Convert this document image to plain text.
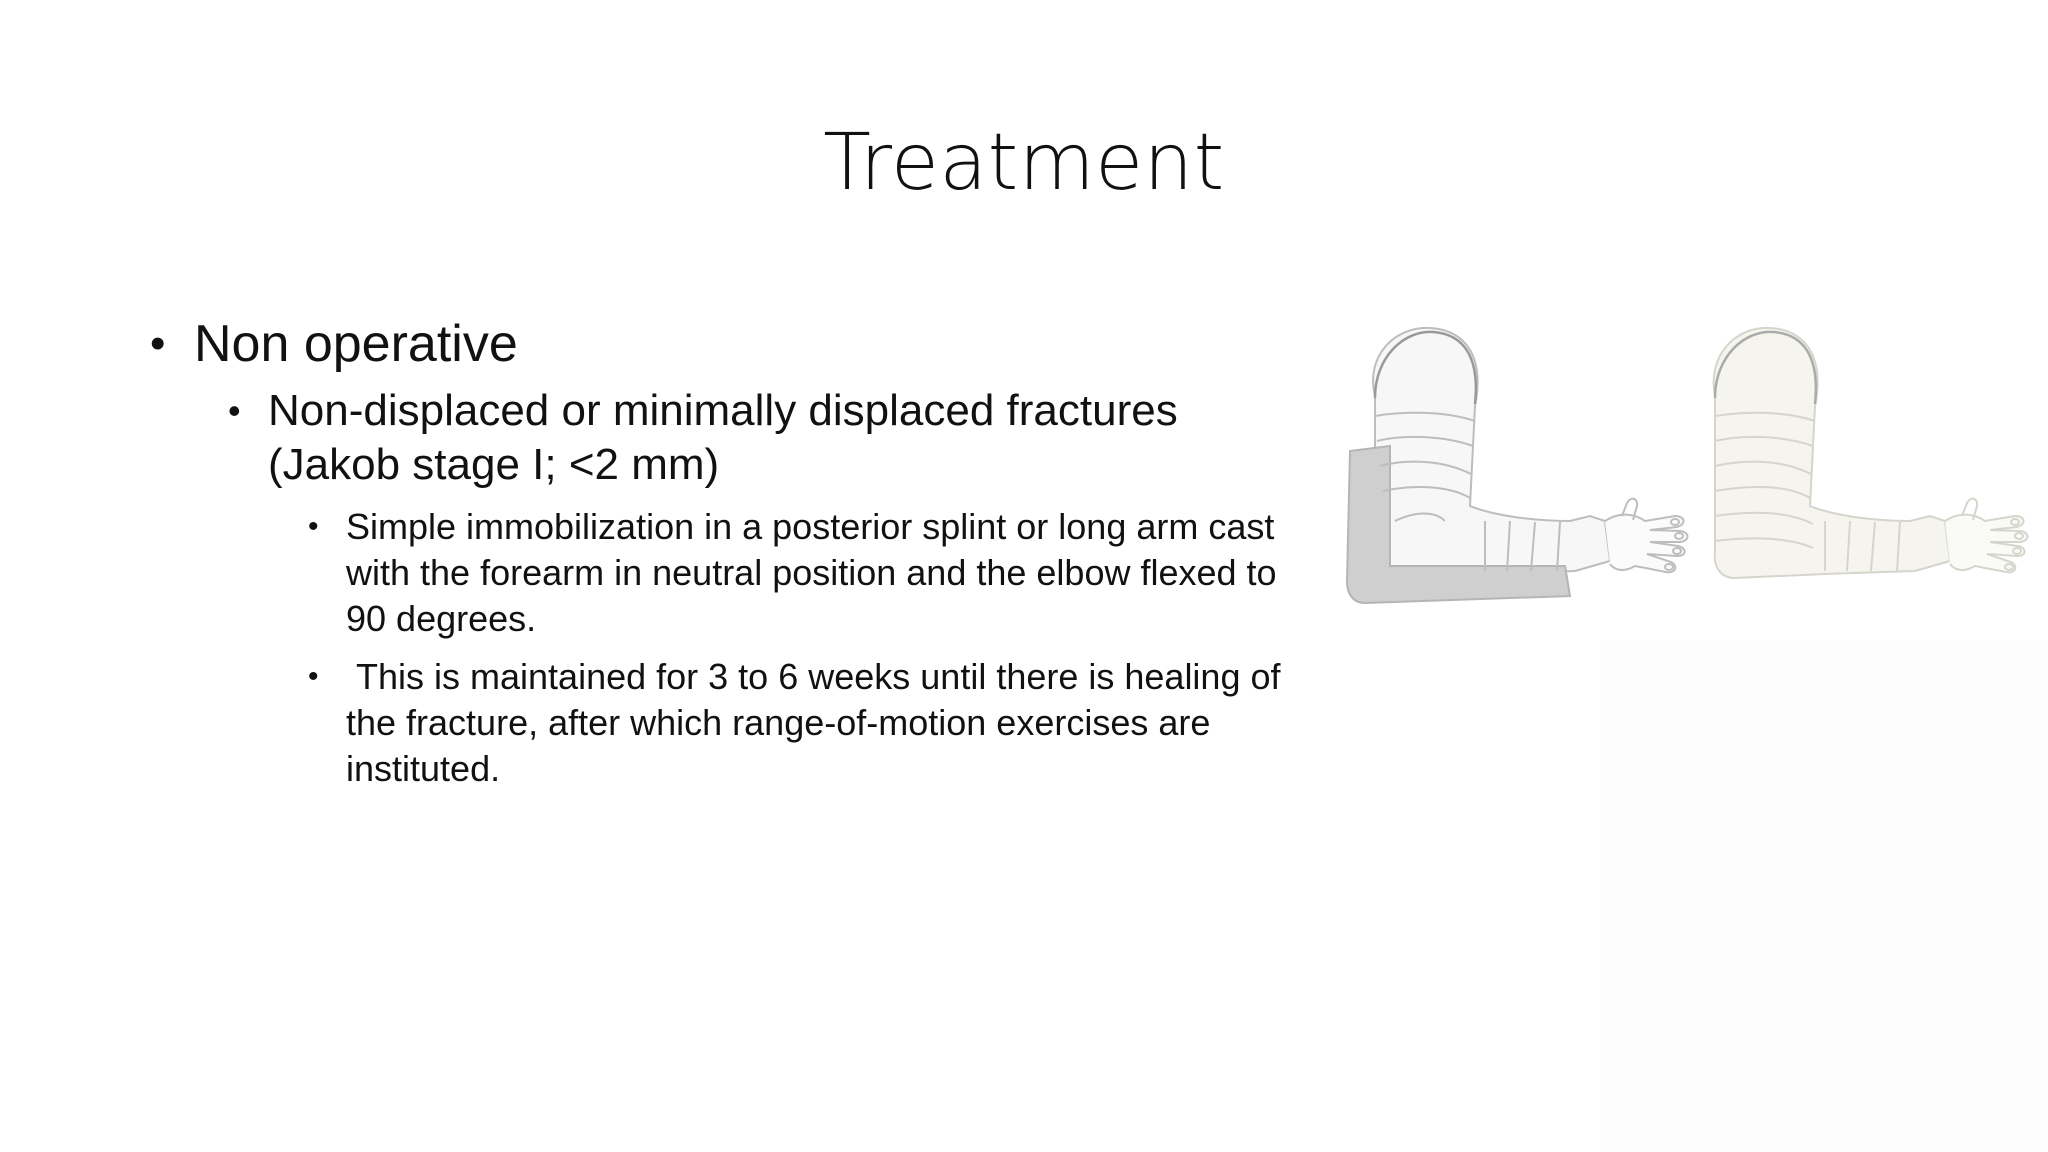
Treatment
• Non operative
• Non-displaced or minimally displaced fractures (Jakob stage I; <2 mm)
• Simple immobilization in a posterior splint or long arm cast with the forearm in neutral position and the elbow flexed to 90 degrees.
• This is maintained for 3 to 6 weeks until there is healing of the fracture, after which range-of-motion exercises are instituted.
